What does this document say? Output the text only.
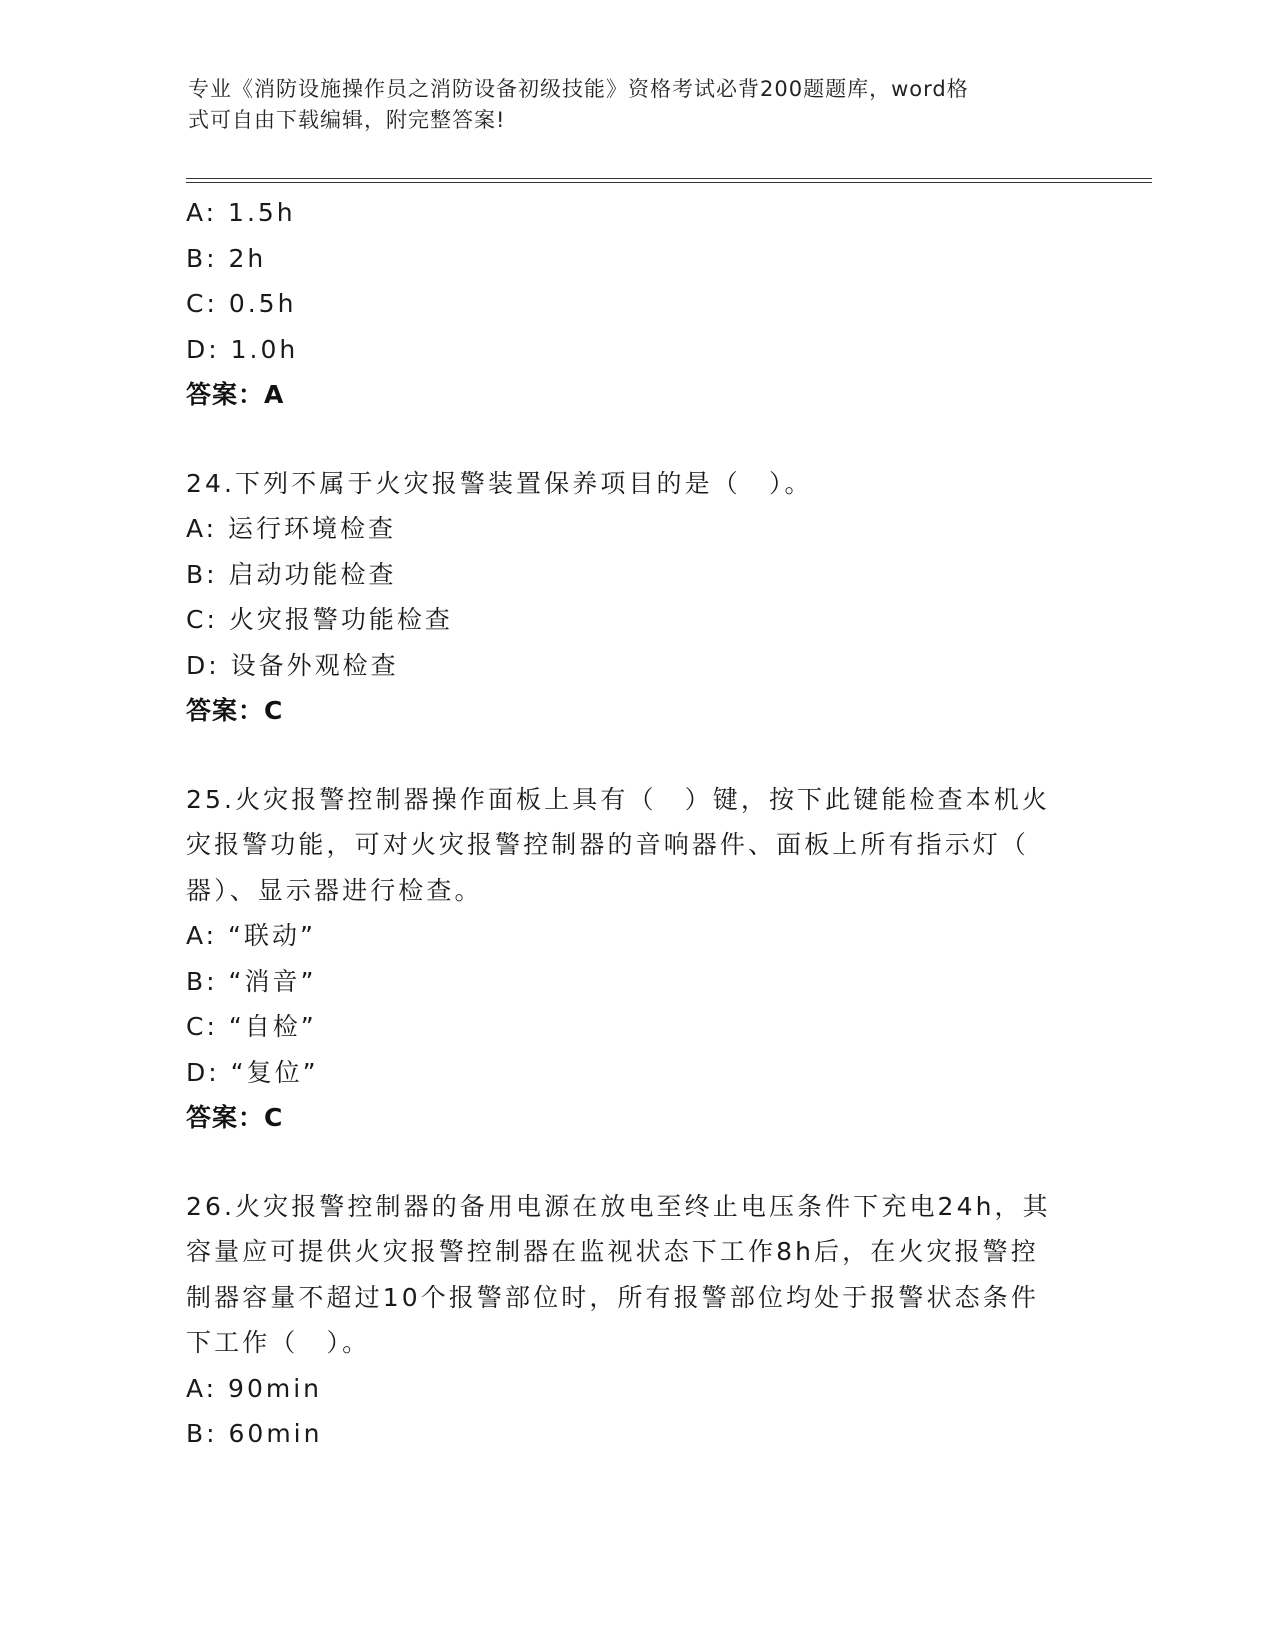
专业《消防设施操作员之消防设备初级技能》资格考试必背200题题库，word格
式可自由下载编辑，附完整答案!
A: 1.5h
B: 2h
C: 0.5h
D: 1.0h
答案：A
24.下列不属于火灾报警装置保养项目的是（　）。
A: 运行环境检查
B: 启动功能检查
C: 火灾报警功能检查
D: 设备外观检查
答案：C
25.火灾报警控制器操作面板上具有（　）键，按下此键能检查本机火
灾报警功能，可对火灾报警控制器的音响器件、面板上所有指示灯（
器）、显示器进行检查。
A: “联动”
B: “消音”
C: “自检”
D: “复位”
答案：C
26.火灾报警控制器的备用电源在放电至终止电压条件下充电24h，其
容量应可提供火灾报警控制器在监视状态下工作8h后，在火灾报警控
制器容量不超过10个报警部位时，所有报警部位均处于报警状态条件
下工作（　）。
A: 90min
B: 60min
